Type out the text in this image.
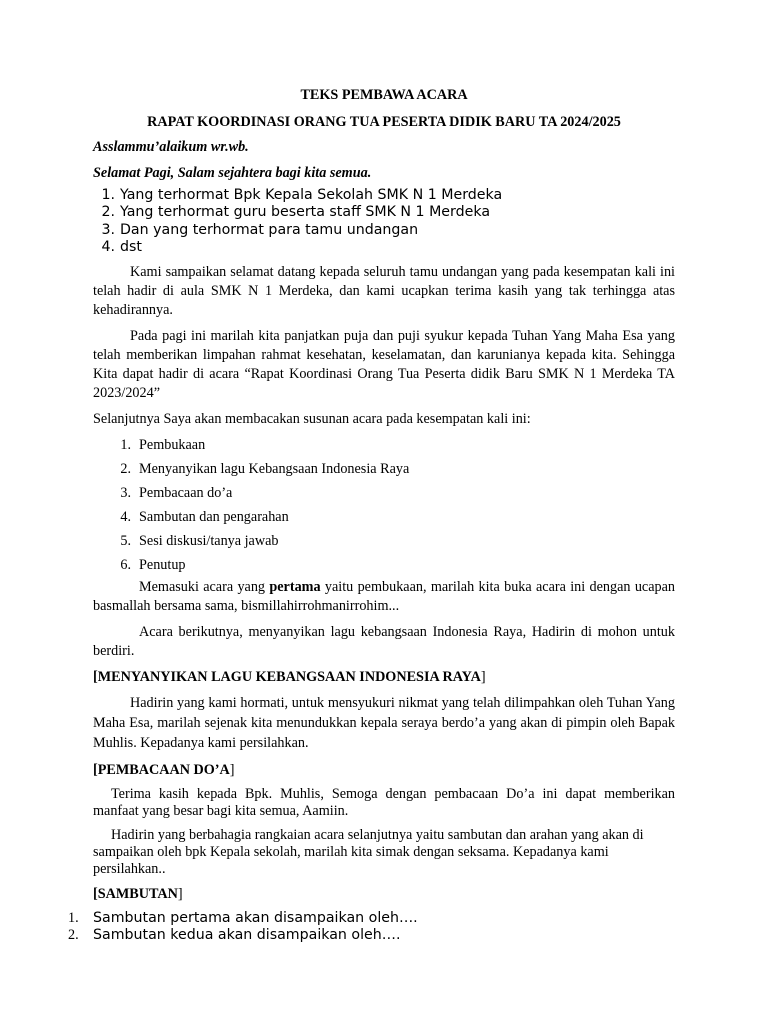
TEKS PEMBAWA ACARA
RAPAT KOORDINASI ORANG TUA PESERTA DIDIK BARU TA 2024/2025
Asslammu’alaikum wr.wb.
Selamat Pagi, Salam sejahtera bagi kita semua.
1. Yang terhormat Bpk Kepala Sekolah SMK N 1 Merdeka
2. Yang terhormat guru beserta staff SMK N 1 Merdeka
3. Dan yang terhormat para tamu undangan
4. dst
Kami sampaikan selamat datang kepada seluruh tamu undangan yang pada kesempatan kali ini telah hadir di aula SMK N 1 Merdeka, dan kami ucapkan terima kasih yang tak terhingga atas kehadirannya.
Pada pagi ini marilah kita panjatkan puja dan puji syukur kepada Tuhan Yang Maha Esa yang telah memberikan limpahan rahmat kesehatan, keselamatan, dan karunianya kepada kita. Sehingga Kita dapat hadir di acara “Rapat Koordinasi Orang Tua Peserta didik Baru SMK N 1 Merdeka TA 2023/2024”
Selanjutnya Saya akan membacakan susunan acara pada kesempatan kali ini:
1. Pembukaan
2. Menyanyikan lagu Kebangsaan Indonesia Raya
3. Pembacaan do’a
4. Sambutan dan pengarahan
5. Sesi diskusi/tanya jawab
6. Penutup
Memasuki acara yang pertama yaitu pembukaan, marilah kita buka acara ini dengan ucapan basmallah bersama sama, bismillahirrohmanirrohim...
Acara berikutnya, menyanyikan lagu kebangsaan Indonesia Raya, Hadirin di mohon untuk berdiri.
[MENYANYIKAN LAGU KEBANGSAAN INDONESIA RAYA]
Hadirin yang kami hormati, untuk mensyukuri nikmat yang telah dilimpahkan oleh Tuhan Yang Maha Esa, marilah sejenak kita menundukkan kepala seraya berdo’a yang akan di pimpin oleh Bapak Muhlis. Kepadanya kami persilahkan.
[PEMBACAAN DO’A]
Terima kasih kepada Bpk. Muhlis, Semoga dengan pembacaan Do’a ini dapat memberikan manfaat yang besar bagi kita semua, Aamiin.
Hadirin yang berbahagia rangkaian acara selanjutnya yaitu sambutan dan arahan yang akan di sampaikan oleh bpk Kepala sekolah, marilah kita simak dengan seksama. Kepadanya kami persilahkan..
[SAMBUTAN]
1.	Sambutan pertama akan disampaikan oleh….
2.	Sambutan kedua akan disampaikan oleh….
